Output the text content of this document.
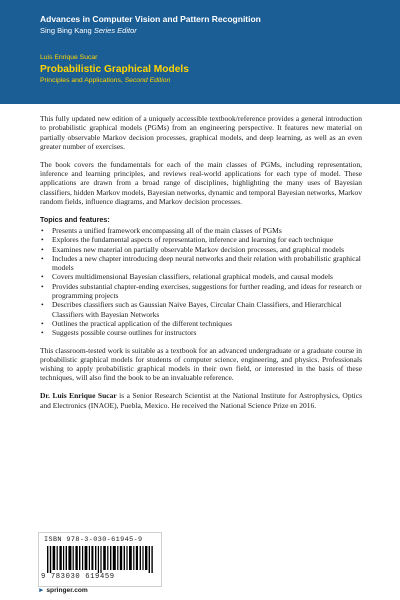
Advances in Computer Vision and Pattern Recognition
Sing Bing Kang Series Editor
Luis Enrique Sucar
Probabilistic Graphical Models
Principles and Applications, Second Edition

This fully updated new edition of a uniquely accessible textbook/reference provides a general introduction to probabilistic graphical models (PGMs) from an engineering perspective. It features new material on partially observable Markov decision processes, graphical models, and deep learning, as well as an even greater number of exercises.

The book covers the fundamentals for each of the main classes of PGMs, including representation, inference and learning principles, and reviews real-world applications for each type of model. These applications are drawn from a broad range of disciplines, highlighting the many uses of Bayesian classifiers, hidden Markov models, Bayesian networks, dynamic and temporal Bayesian networks, Markov random fields, influence diagrams, and Markov decision processes.

Topics and features:
• Presents a unified framework encompassing all of the main classes of PGMs
• Explores the fundamental aspects of representation, inference and learning for each technique
• Examines new material on partially observable Markov decision processes, and graphical models
• Includes a new chapter introducing deep neural networks and their relation with probabilistic graphical models
• Covers multidimensional Bayesian classifiers, relational graphical models, and causal models
• Provides substantial chapter-ending exercises, suggestions for further reading, and ideas for research or programming projects
• Describes classifiers such as Gaussian Naive Bayes, Circular Chain Classifiers, and Hierarchical Classifiers with Bayesian Networks
• Outlines the practical application of the different techniques
• Suggests possible course outlines for instructors

This classroom-tested work is suitable as a textbook for an advanced undergraduate or a graduate course in probabilistic graphical models for students of computer science, engineering, and physics. Professionals wishing to apply probabilistic graphical models in their own field, or interested in the basis of these techniques, will also find the book to be an invaluable reference.

Dr. Luis Enrique Sucar is a Senior Research Scientist at the National Institute for Astrophysics, Optics and Electronics (INAOE), Puebla, Mexico. He received the National Science Prize en 2016.

ISBN 978-3-030-61945-9
9 783030 619459
► springer.com
